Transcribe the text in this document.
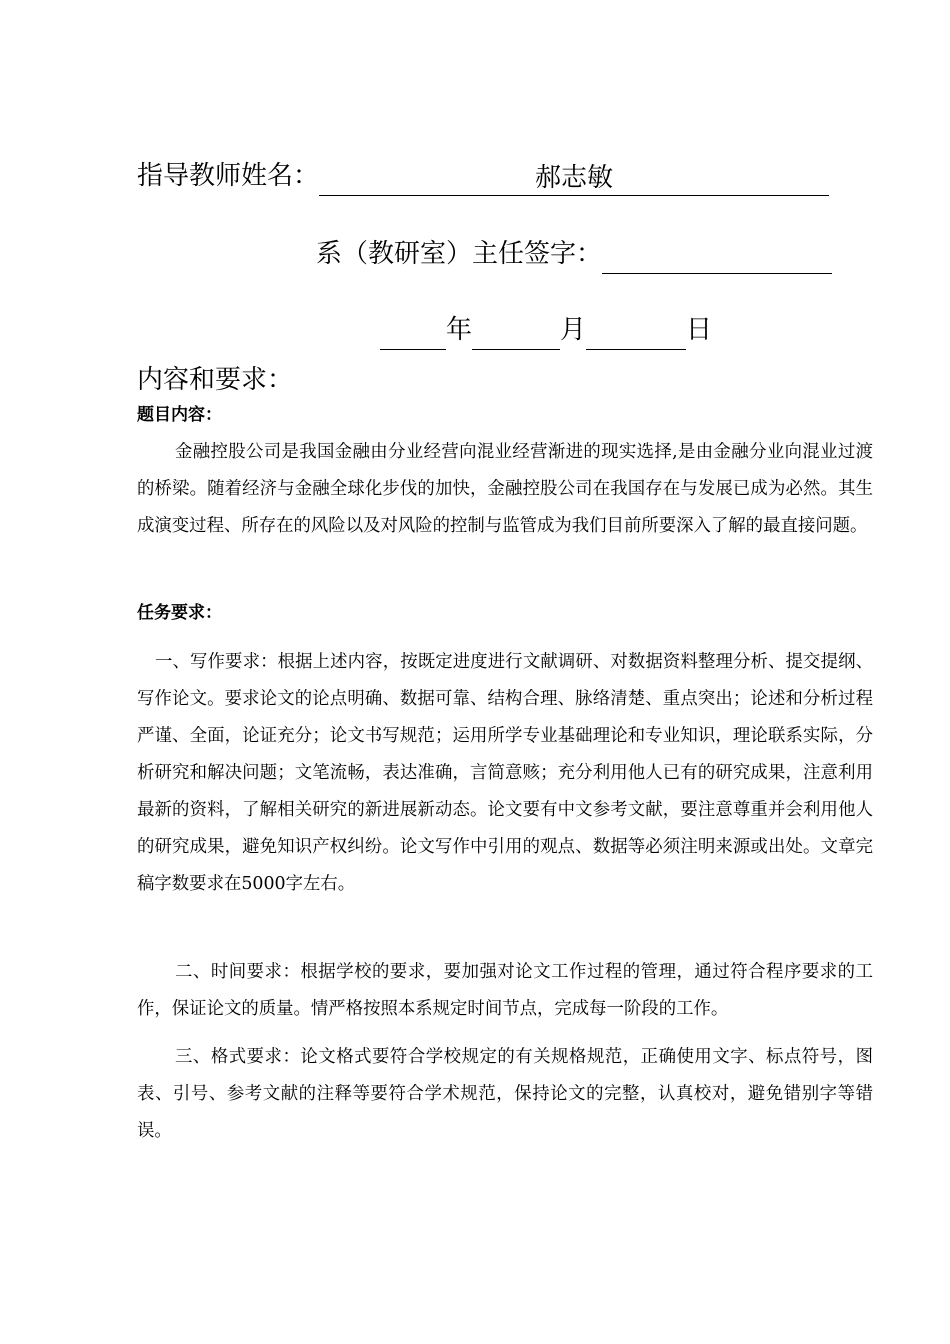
指导教师姓名：	郝志敏
系（教研室）主任签字：
年	月	日
内容和要求：
题目内容：

金融控股公司是我国金融由分业经营向混业经营渐进的现实选择,是由金融分业向混业过渡的桥梁。随着经济与金融全球化步伐的加快，金融控股公司在我国存在与发展已成为必然。其生成演变过程、所存在的风险以及对风险的控制与监管成为我们目前所要深入了解的最直接问题。

任务要求：

一、写作要求：根据上述内容，按既定进度进行文献调研、对数据资料整理分析、提交提纲、写作论文。要求论文的论点明确、数据可靠、结构合理、脉络清楚、重点突出；论述和分析过程严谨、全面，论证充分；论文书写规范；运用所学专业基础理论和专业知识，理论联系实际，分析研究和解决问题；文笔流畅，表达准确，言简意赅；充分利用他人已有的研究成果，注意利用最新的资料，了解相关研究的新进展新动态。论文要有中文参考文献，要注意尊重并会利用他人的研究成果，避免知识产权纠纷。论文写作中引用的观点、数据等必须注明来源或出处。文章完稿字数要求在5000字左右。

二、时间要求：根据学校的要求，要加强对论文工作过程的管理，通过符合程序要求的工作，保证论文的质量。情严格按照本系规定时间节点，完成每一阶段的工作。

三、格式要求：论文格式要符合学校规定的有关规格规范，正确使用文字、标点符号，图表、引号、参考文献的注释等要符合学术规范，保持论文的完整，认真校对，避免错别字等错误。
